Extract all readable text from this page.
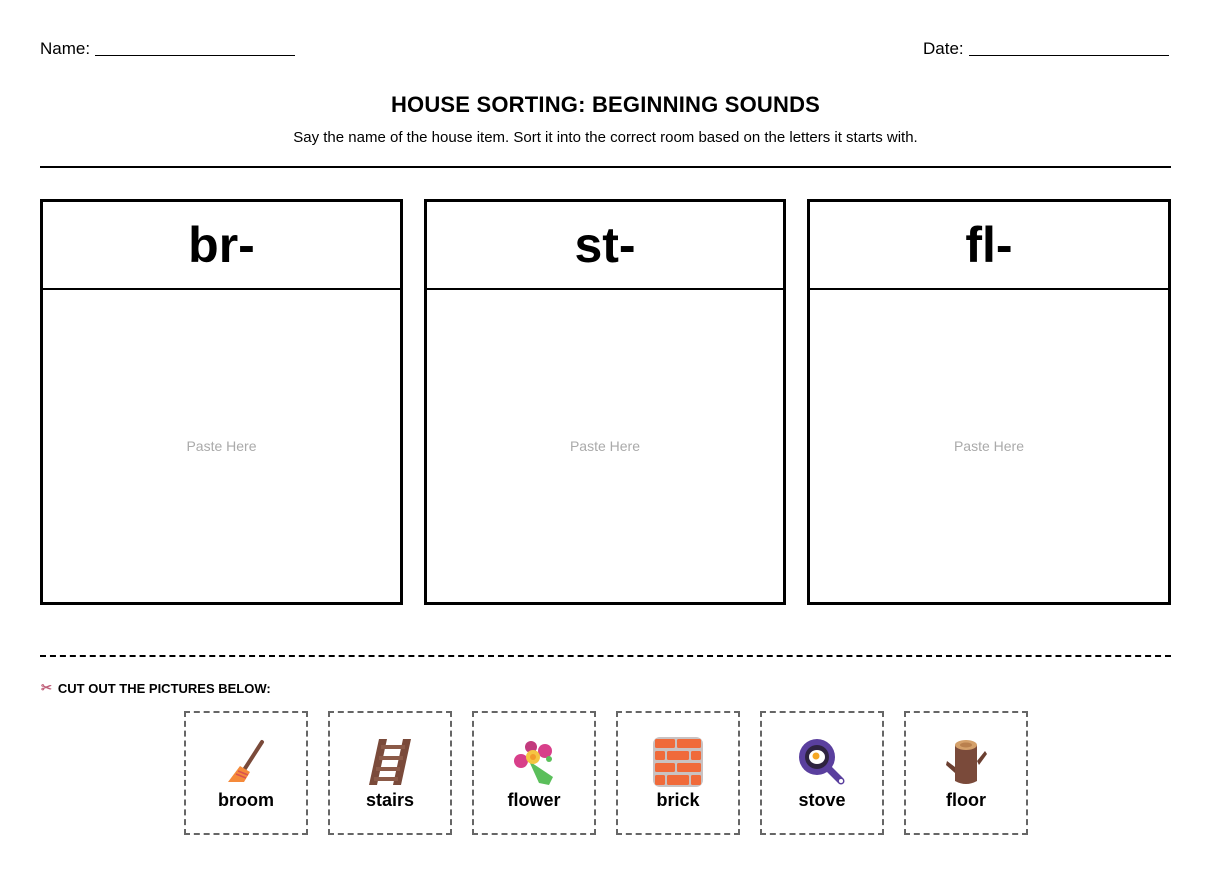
Name:	Date:
HOUSE SORTING: BEGINNING SOUNDS
Say the name of the house item. Sort it into the correct room based on the letters it starts with.
br-
Paste Here
st-
Paste Here
fl-
Paste Here
✂ CUT OUT THE PICTURES BELOW:
broom	stairs	flower	brick	stove	floor
